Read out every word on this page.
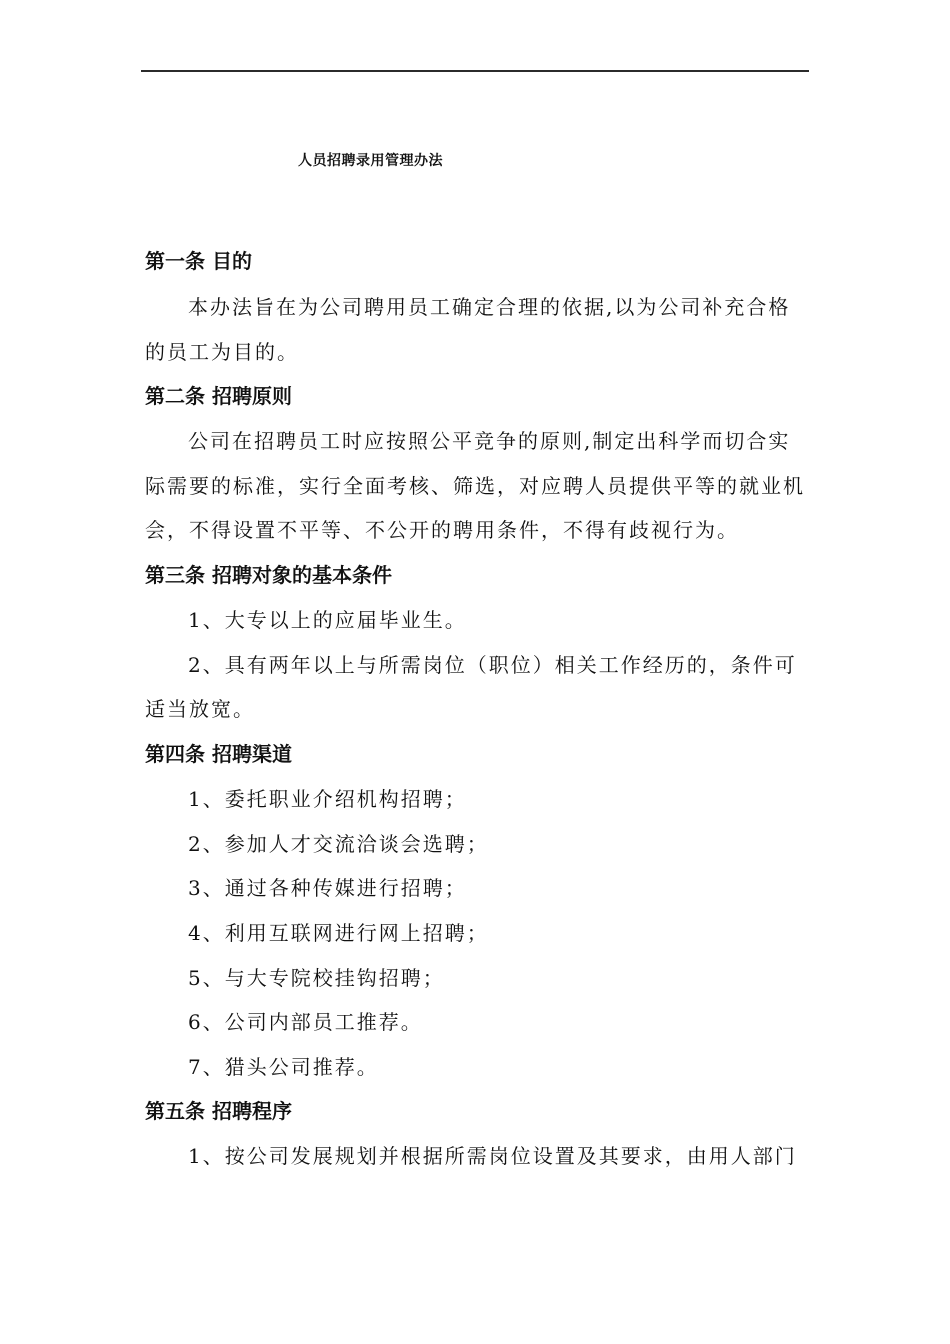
人员招聘录用管理办法
第一条 目的
本办法旨在为公司聘用员工确定合理的依据,以为公司补充合格
的员工为目的。
第二条 招聘原则
公司在招聘员工时应按照公平竞争的原则,制定出科学而切合实
际需要的标准，实行全面考核、筛选，对应聘人员提供平等的就业机
会，不得设置不平等、不公开的聘用条件，不得有歧视行为。
第三条 招聘对象的基本条件
1、大专以上的应届毕业生。
2、具有两年以上与所需岗位（职位）相关工作经历的，条件可
适当放宽。
第四条 招聘渠道
1、委托职业介绍机构招聘；
2、参加人才交流洽谈会选聘；
3、通过各种传媒进行招聘；
4、利用互联网进行网上招聘；
5、与大专院校挂钩招聘；
6、公司内部员工推荐。
7、猎头公司推荐。
第五条 招聘程序
1、按公司发展规划并根据所需岗位设置及其要求，由用人部门
